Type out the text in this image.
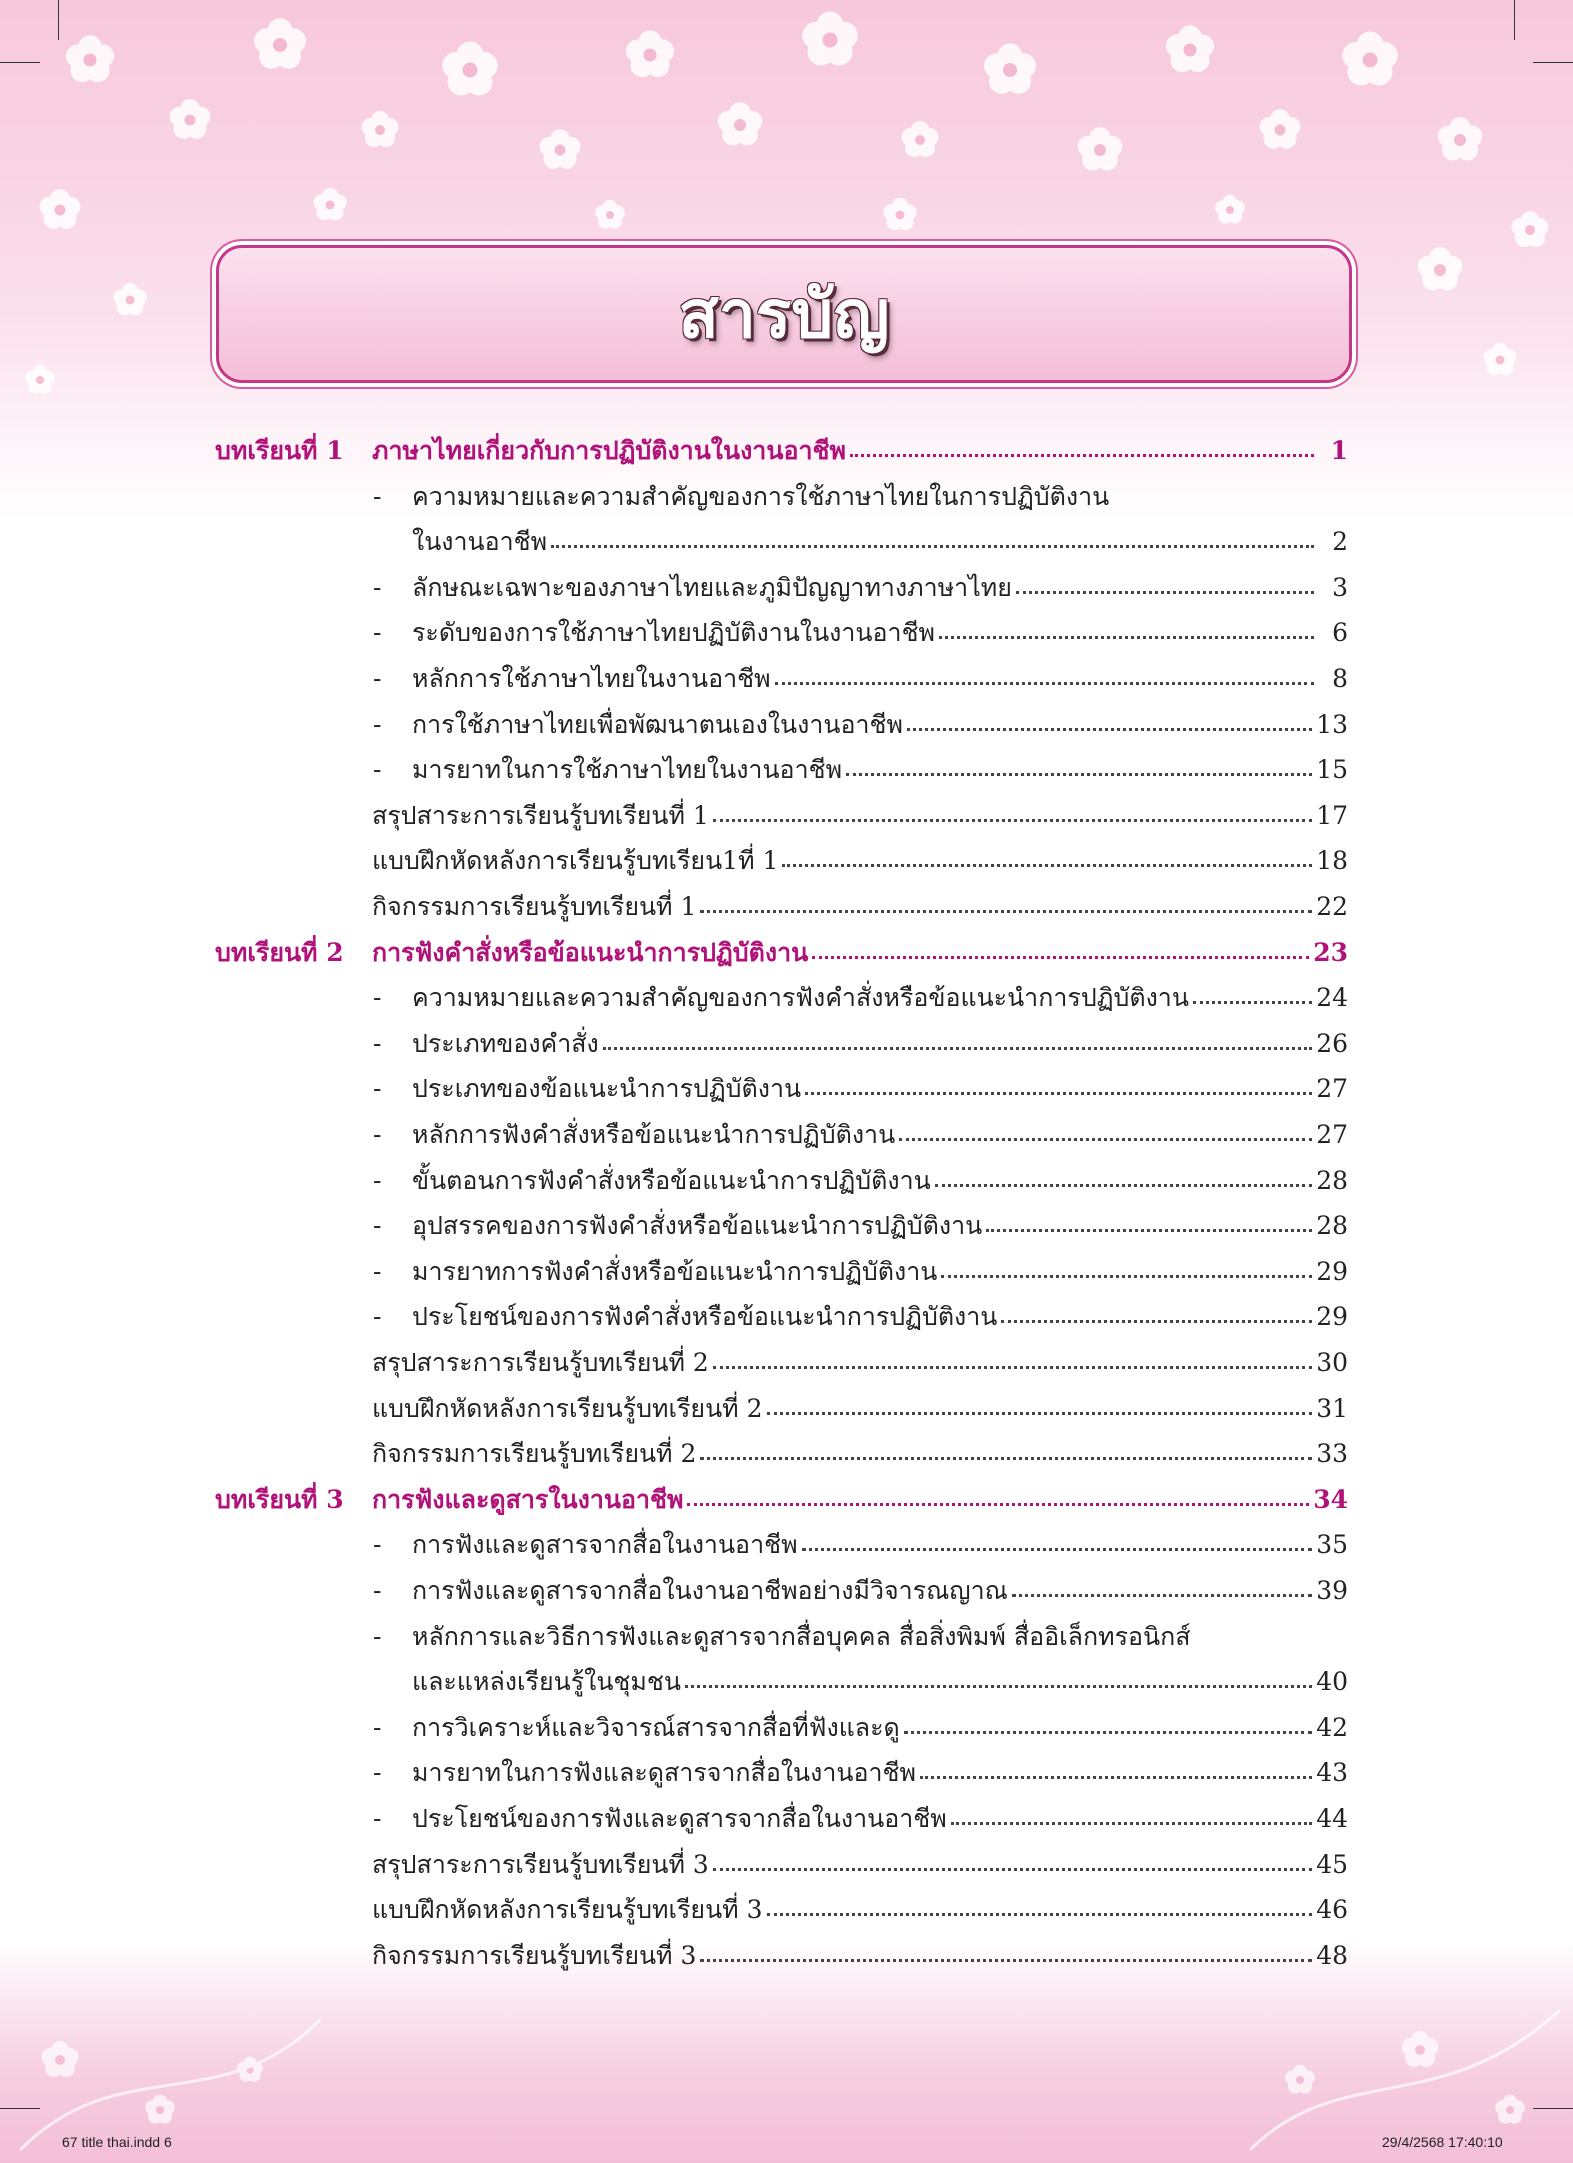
สารบัญ
บทเรียนที่ 1 ภาษาไทยเกี่ยวกับการปฏิบัติงานในงานอาชีพ	1
- ความหมายและความสำคัญของการใช้ภาษาไทยในการปฏิบัติงาน
ในงานอาชีพ	2
- ลักษณะเฉพาะของภาษาไทยและภูมิปัญญาทางภาษาไทย	3
- ระดับของการใช้ภาษาไทยปฏิบัติงานในงานอาชีพ	6
- หลักการใช้ภาษาไทยในงานอาชีพ	8
- การใช้ภาษาไทยเพื่อพัฒนาตนเองในงานอาชีพ	13
- มารยาทในการใช้ภาษาไทยในงานอาชีพ	15
สรุปสาระการเรียนรู้บทเรียนที่ 1	17
แบบฝึกหัดหลังการเรียนรู้บทเรียน1ที่ 1	18
กิจกรรมการเรียนรู้บทเรียนที่ 1	22
บทเรียนที่ 2 การฟังคำสั่งหรือข้อแนะนำการปฏิบัติงาน	23
- ความหมายและความสำคัญของการฟังคำสั่งหรือข้อแนะนำการปฏิบัติงาน	24
- ประเภทของคำสั่ง	26
- ประเภทของข้อแนะนำการปฏิบัติงาน	27
- หลักการฟังคำสั่งหรือข้อแนะนำการปฏิบัติงาน	27
- ขั้นตอนการฟังคำสั่งหรือข้อแนะนำการปฏิบัติงาน	28
- อุปสรรคของการฟังคำสั่งหรือข้อแนะนำการปฏิบัติงาน	28
- มารยาทการฟังคำสั่งหรือข้อแนะนำการปฏิบัติงาน	29
- ประโยชน์ของการฟังคำสั่งหรือข้อแนะนำการปฏิบัติงาน	29
สรุปสาระการเรียนรู้บทเรียนที่ 2	30
แบบฝึกหัดหลังการเรียนรู้บทเรียนที่ 2	31
กิจกรรมการเรียนรู้บทเรียนที่ 2	33
บทเรียนที่ 3 การฟังและดูสารในงานอาชีพ	34
- การฟังและดูสารจากสื่อในงานอาชีพ	35
- การฟังและดูสารจากสื่อในงานอาชีพอย่างมีวิจารณญาณ	39
- หลักการและวิธีการฟังและดูสารจากสื่อบุคคล สื่อสิ่งพิมพ์ สื่ออิเล็กทรอนิกส์
และแหล่งเรียนรู้ในชุมชน	40
- การวิเคราะห์และวิจารณ์สารจากสื่อที่ฟังและดู	42
- มารยาทในการฟังและดูสารจากสื่อในงานอาชีพ	43
- ประโยชน์ของการฟังและดูสารจากสื่อในงานอาชีพ	44
สรุปสาระการเรียนรู้บทเรียนที่ 3	45
แบบฝึกหัดหลังการเรียนรู้บทเรียนที่ 3	46
กิจกรรมการเรียนรู้บทเรียนที่ 3	48
67 title thai.indd 6	29/4/2568 17:40:10
